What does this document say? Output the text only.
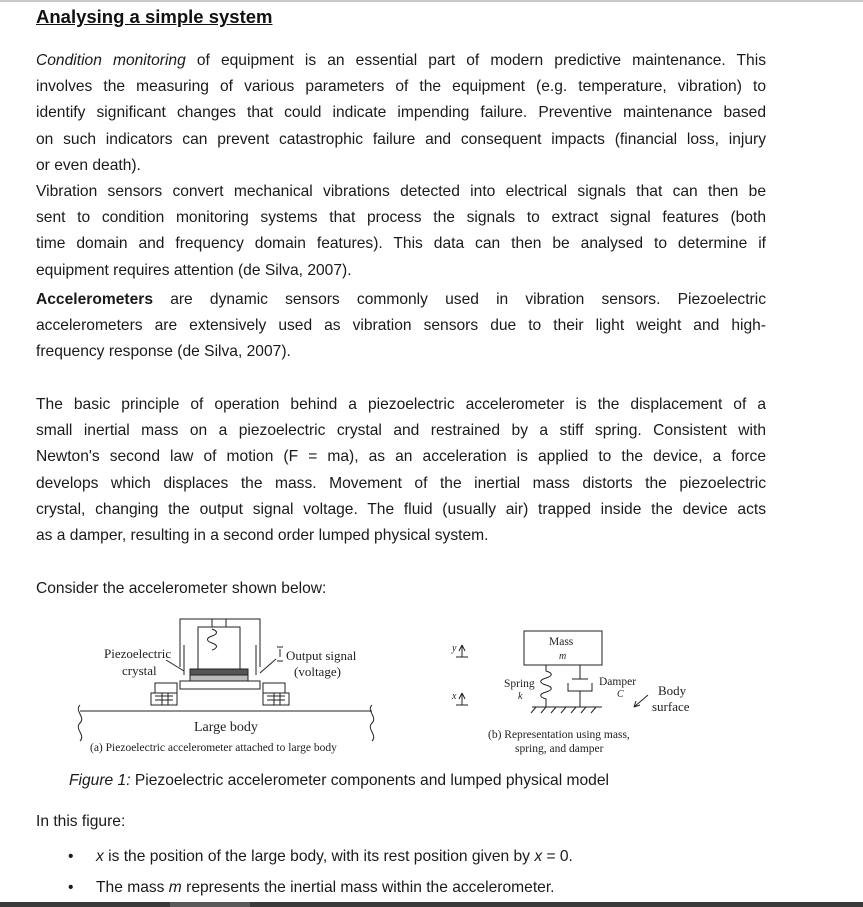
Analysing a simple system

Condition monitoring of equipment is an essential part of modern predictive maintenance. This
involves the measuring of various parameters of the equipment (e.g. temperature, vibration) to
identify significant changes that could indicate impending failure. Preventive maintenance based
on such indicators can prevent catastrophic failure and consequent impacts (financial loss, injury
or even death).

Vibration sensors convert mechanical vibrations detected into electrical signals that can then be
sent to condition monitoring systems that process the signals to extract signal features (both
time domain and frequency domain features). This data can then be analysed to determine if
equipment requires attention (de Silva, 2007).

Accelerometers are dynamic sensors commonly used in vibration sensors. Piezoelectric
accelerometers are extensively used as vibration sensors due to their light weight and high-
frequency response (de Silva, 2007).

The basic principle of operation behind a piezoelectric accelerometer is the displacement of a
small inertial mass on a piezoelectric crystal and restrained by a stiff spring. Consistent with
Newton's second law of motion (F = ma), as an acceleration is applied to the device, a force
develops which displaces the mass. Movement of the inertial mass distorts the piezoelectric
crystal, changing the output signal voltage. The fluid (usually air) trapped inside the device acts
as a damper, resulting in a second order lumped physical system.

Consider the accelerometer shown below:

Piezoelectric
crystal
Output signal
(voltage)
Large body
(a) Piezoelectric accelerometer attached to large body
y
x
Mass
m
Spring
k
Damper
C	Body
surface
(b) Representation using mass,
spring, and damper
Figure 1: Piezoelectric accelerometer components and lumped physical model
In this figure:
• x is the position of the large body, with its rest position given by x = 0.
• The mass m represents the inertial mass within the accelerometer.
